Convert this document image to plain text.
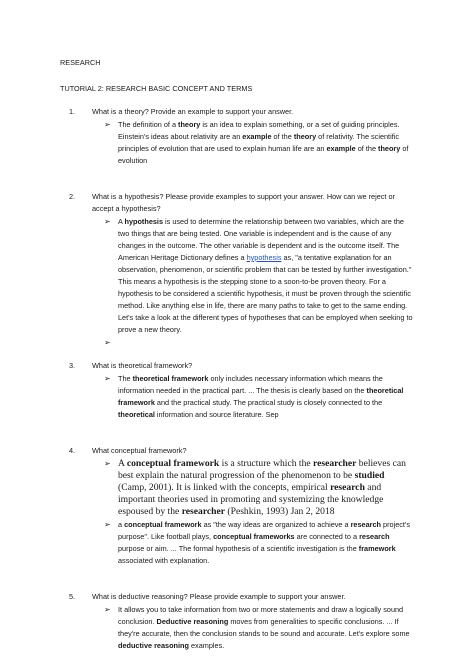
RESEARCH

TUTORIAL 2: RESEARCH BASIC CONCEPT AND TERMS

1.	What is a theory? Provide an example to support your answer.
➢ The definition of a theory is an idea to explain something, or a set of guiding principles. Einstein's ideas about relativity are an example of the theory of relativity. The scientific principles of evolution that are used to explain human life are an example of the theory of evolution
2.	What is a hypothesis? Please provide examples to support your answer. How can we reject or accept a hypothesis?
➢ A hypothesis is used to determine the relationship between two variables, which are the two things that are being tested. One variable is independent and is the cause of any changes in the outcome. The other variable is dependent and is the outcome itself. The American Heritage Dictionary defines a hypothesis as, "a tentative explanation for an observation, phenomenon, or scientific problem that can be tested by further investigation." This means a hypothesis is the stepping stone to a soon-to-be proven theory. For a hypothesis to be considered a scientific hypothesis, it must be proven through the scientific method. Like anything else in life, there are many paths to take to get to the same ending. Let's take a look at the different types of hypotheses that can be employed when seeking to prove a new theory.
➢
3.	What is theoretical framework?
➢ The theoretical framework only includes necessary information which means the information needed in the practical part. ... The thesis is clearly based on the theoretical framework and the practical study. The practical study is closely connected to the theoretical information and source literature. Sep
4.	What conceptual framework?
➢ A conceptual framework is a structure which the researcher believes can best explain the natural progression of the phenomenon to be studied (Camp, 2001). It is linked with the concepts, empirical research and important theories used in promoting and systemizing the knowledge espoused by the researcher (Peshkin, 1993) Jan 2, 2018
➢ a conceptual framework as "the way ideas are organized to achieve a research project's purpose". Like football plays, conceptual frameworks are connected to a research purpose or aim. ... The formal hypothesis of a scientific investigation is the framework associated with explanation.
5.	What is deductive reasoning? Please provide example to support your answer.
➢ It allows you to take information from two or more statements and draw a logically sound conclusion. Deductive reasoning moves from generalities to specific conclusions. ... If they're accurate, then the conclusion stands to be sound and accurate. Let's explore some deductive reasoning examples.
